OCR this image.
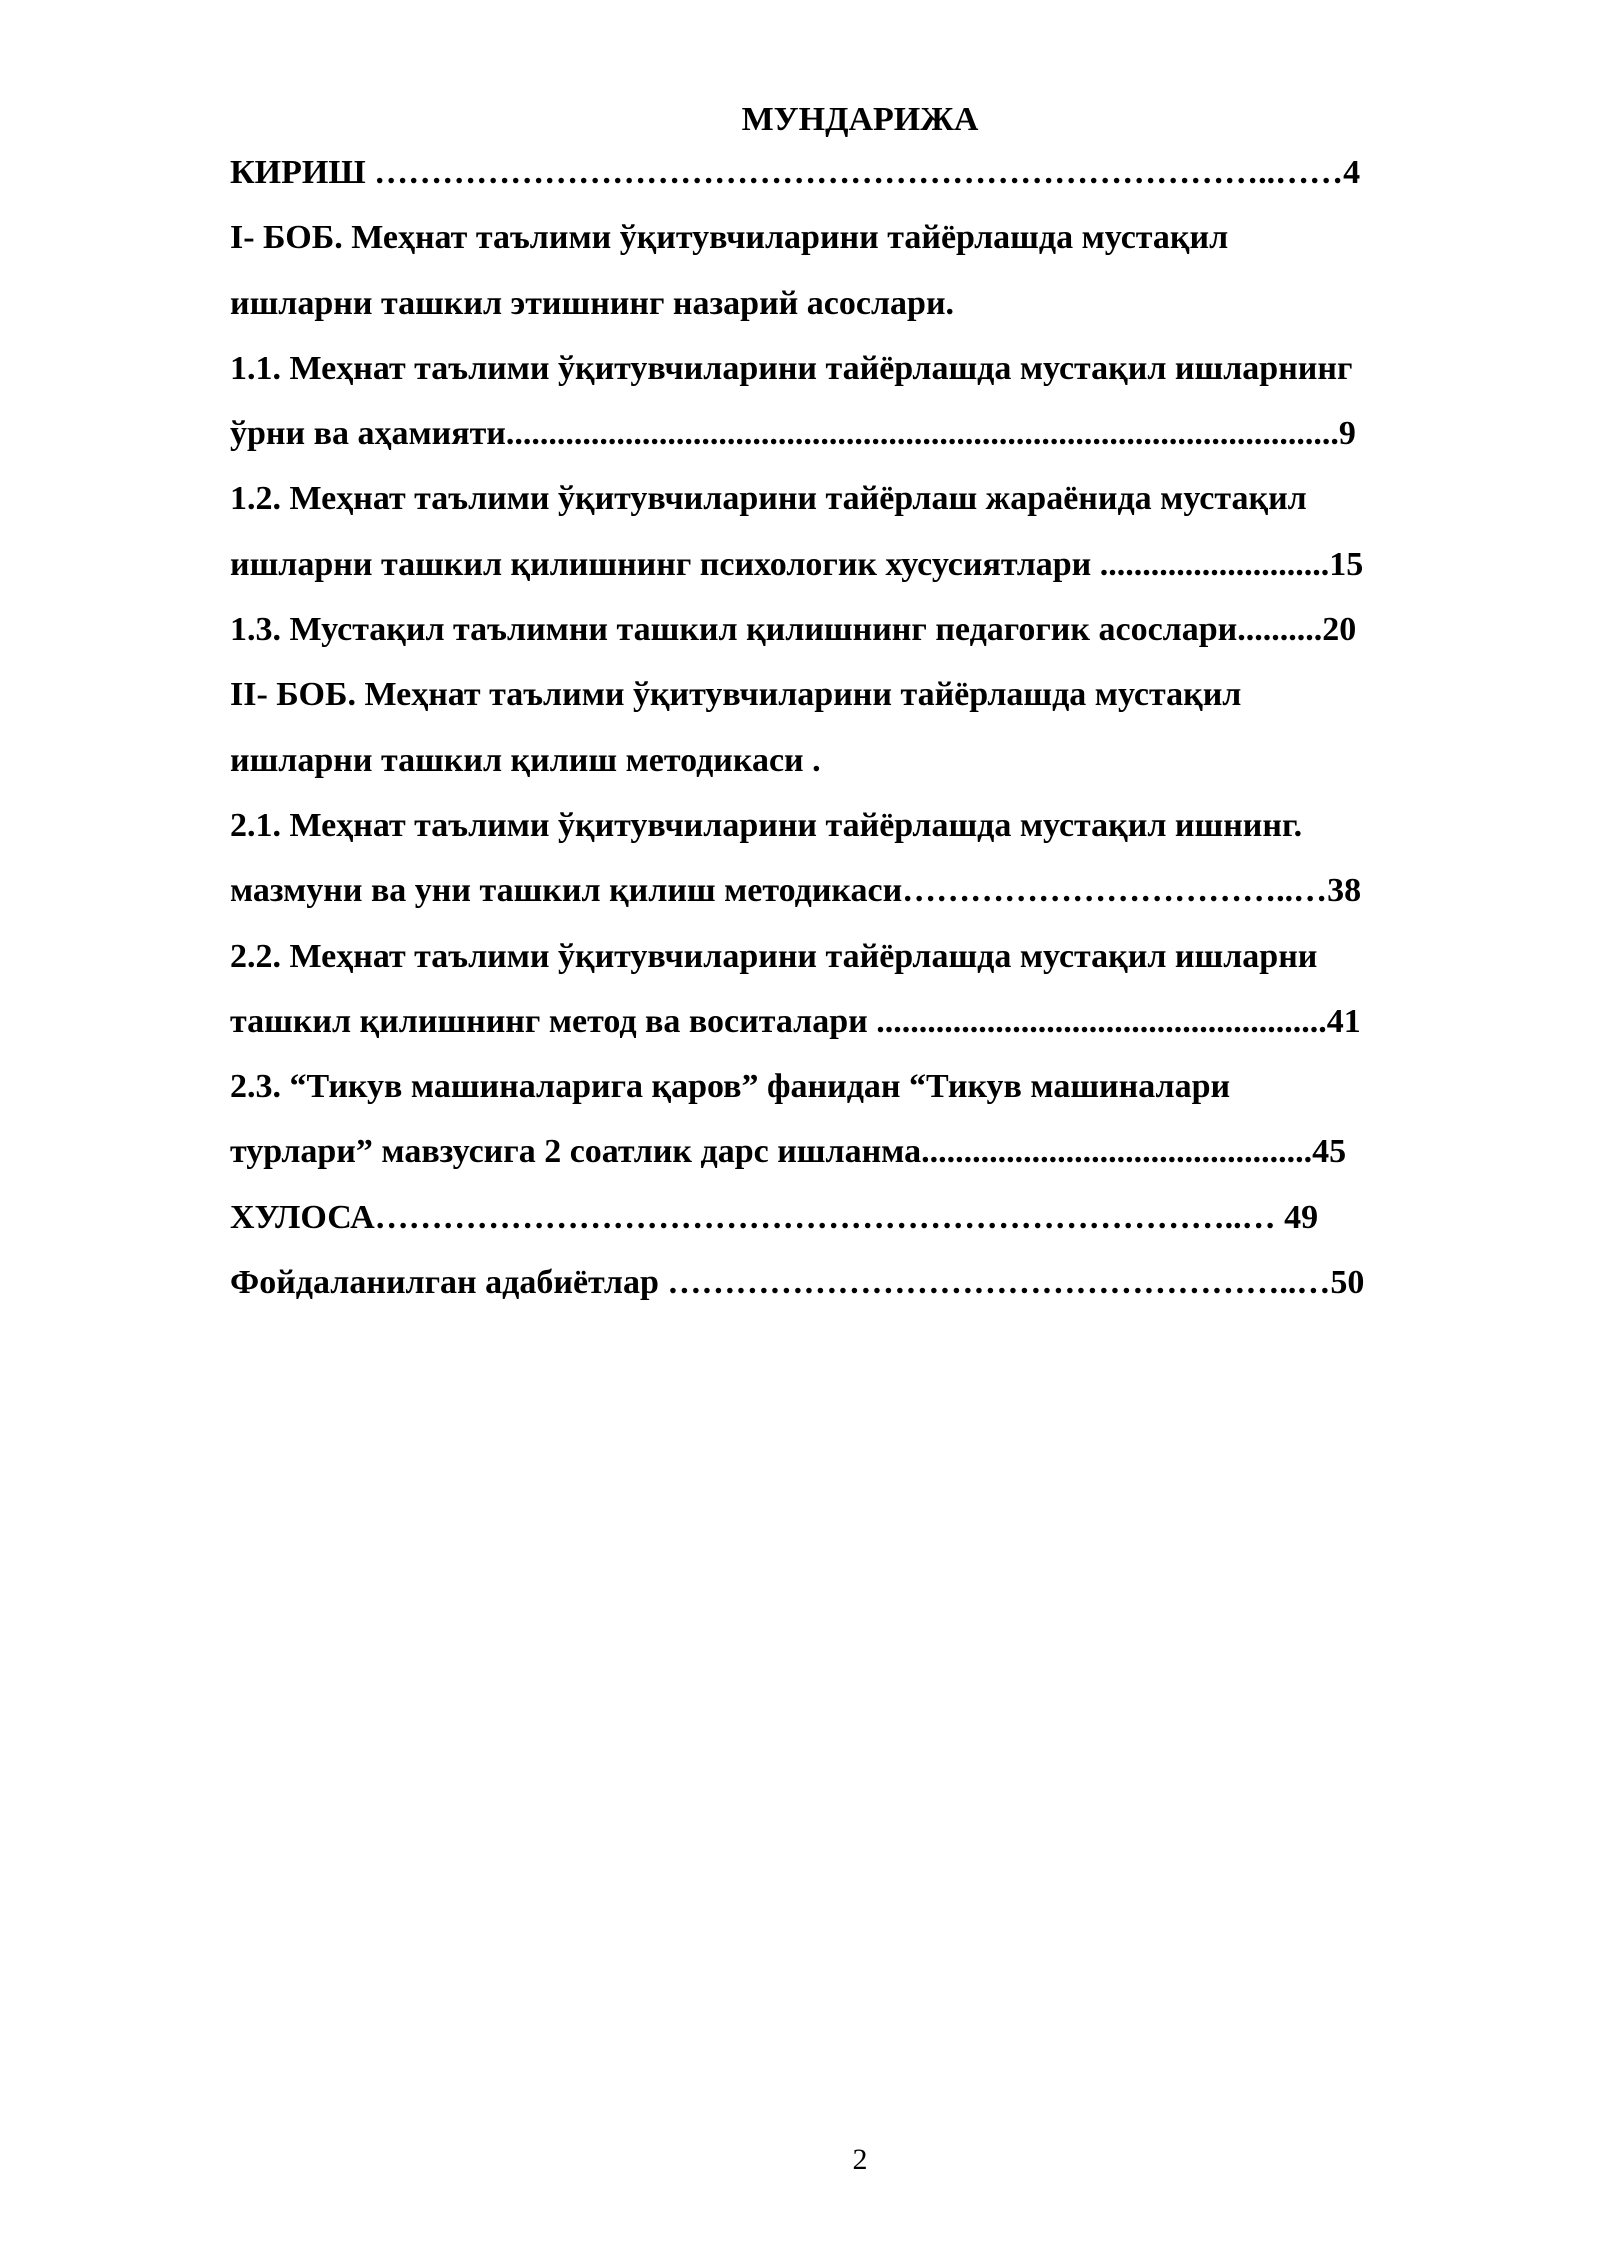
МУНДАРИЖА
КИРИШ ……………………………………………………………………..……4
I- БОБ. Меҳнат таълими ўқитувчиларини тайёрлашда мустақил
ишларни ташкил этишнинг назарий асослари.
1.1. Меҳнат таълими ўқитувчиларини тайёрлашда мустақил ишларнинг
ўрни ва аҳамияти..................................................................................................9
1.2. Меҳнат таълими ўқитувчиларини тайёрлаш жараёнида мустақил
ишларни ташкил қилишнинг психологик хусусиятлари ...........................15
1.3. Мустақил таълимни ташкил қилишнинг педагогик асослари..........20
II- БОБ. Меҳнат таълими ўқитувчиларини тайёрлашда мустақил
ишларни ташкил қилиш методикаси .
2.1. Меҳнат таълими ўқитувчиларини тайёрлашда мустақил ишнинг.
мазмуни ва уни ташкил қилиш методикаси……………………………..…38
2.2. Меҳнат таълими ўқитувчиларини тайёрлашда мустақил ишларни
ташкил қилишнинг метод ва воситалари .....................................................41
2.3. “Тикув машиналарига қаров” фанидан “Тикув машиналари
турлари” мавзусига 2 соатлик дарс ишланма..............................................45
ХУЛОСА…………………………………………………………………..… 49
Фойдаланилган адабиётлар ………………………………………………..…50
2
